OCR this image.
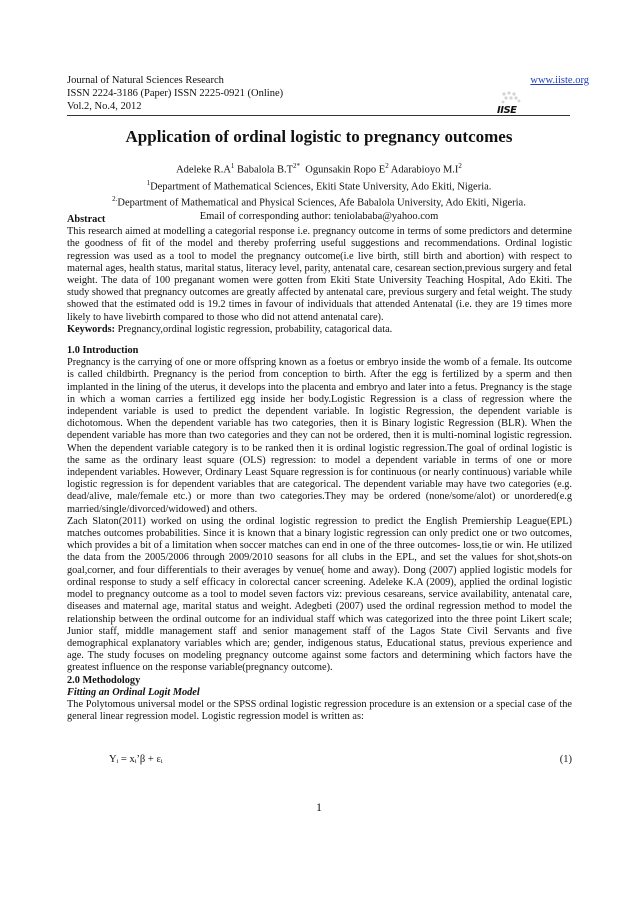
Journal of Natural Sciences Research
ISSN 2224-3186 (Paper) ISSN 2225-0921 (Online)
Vol.2, No.4, 2012
www.iiste.org
IISE
Application of ordinal logistic to pregnancy outcomes
Adeleke $R.A^1$ Babalola $B.T^{2*}$ Ogunsakin Ropo $E^2$ Adarabioyo $M.I^2$
$^1$Department of Mathematical Sciences, Ekiti State University, Ado Ekiti, Nigeria.
$^{2.}$Department of Mathematical and Physical Sciences, Afe Babalola University, Ado Ekiti, Nigeria.
Email of corresponding author: teniolababa@yahoo.com

Abstract

This research aimed at modelling a categorial response i.e. pregnancy outcome in terms of some predictors and determine the goodness of fit of the model and thereby proferring useful suggestions and recommendations. Ordinal logistic regression was used as a tool to model the pregnancy outcome(i.e live birth, still birth and abortion) with respect to maternal ages, health status, marital status, literacy level, parity, antenatal care, cesarean section,previous surgery and fetal weight. The data of 100 preganant women were gotten from Ekiti State University Teaching Hospital, Ado Ekiti. The study showed that pregnancy outcomes are greatly affected by antenatal care, previous surgery and fetal weight. The study showed that the estimated odd is 19.2 times in favour of individuals that attended Antenatal (i.e. they are 19 times more likely to have livebirth compared to those who did not attend antenatal care).

Keywords: Pregnancy,ordinal logistic regression, probability, catagorical data.

1.0 Introduction

Pregnancy is the carrying of one or more offspring known as a foetus or embryo inside the womb of a female. Its outcome is called childbirth. Pregnancy is the period from conception to birth. After the egg is fertilized by a sperm and then implanted in the lining of the uterus, it develops into the placenta and embryo and later into a fetus. Pregnancy is the stage in which a woman carries a fertilized egg inside her body.Logistic Regression is a class of regression where the independent variable is used to predict the dependent variable. In logistic Regression, the dependent variable is dichotomous. When the dependent variable has two categories, then it is Binary logistic Regression (BLR). When the dependent variable has more than two categories and they can not be ordered, then it is multi-nominal logistic regression. When the dependent variable category is to be ranked then it is ordinal logistic regression.The goal of ordinal logistic is the same as the ordinary least square (OLS) regression: to model a dependent variable in terms of one or more independent variables. However, Ordinary Least Square regression is for continuous (or nearly continuous) variable while logistic regression is for dependent variables that are categorical. The dependent variable may have two categories (e.g. dead/alive, male/female etc.) or more than two categories.They may be ordered (none/some/alot) or unordered(e.g married/single/divorced/widowed) and others.

Zach Slaton(2011) worked on using the ordinal logistic regression to predict the English Premiership League(EPL) matches outcomes probabilities. Since it is known that a binary logistic regression can only predict one or two outcomes, which provides a bit of a limitation when soccer matches can end in one of the three outcomes- loss,tie or win. He utilized the data from the 2005/2006 through 2009/2010 seasons for all clubs in the EPL, and set the values for shot,shots-on goal,corner, and four differentials to their averages by venue( home and away). Dong (2007) applied logistic models for ordinal response to study a self efficacy in colorectal cancer screening. Adeleke K.A (2009), applied the ordinal logistic model to pregnancy outcome as a tool to model seven factors viz: previous cesareans, service availability, antenatal care, diseases and maternal age, marital status and weight. Adegbeti (2007) used the ordinal regression method to model the relationship between the ordinal outcome for an individual staff which was categorized into the three point Likert scale; Junior staff, middle management staff and senior management staff of the Lagos State Civil Servants and five demographical explanatory variables which are; gender, indigenous status, Educational status, previous experience and age. The study focuses on modeling pregnancy outcome against some factors and determining which factors have the greatest influence on the response variable(pregnancy outcome).

2.0 Methodology

Fitting an Ordinal Logit Model

The Polytomous universal model or the SPSS ordinal logistic regression procedure is an extension or a special case of the general linear regression model. Logistic regression model is written as:

Yᵢ = xᵢ’β + εᵢ	(1)
1
